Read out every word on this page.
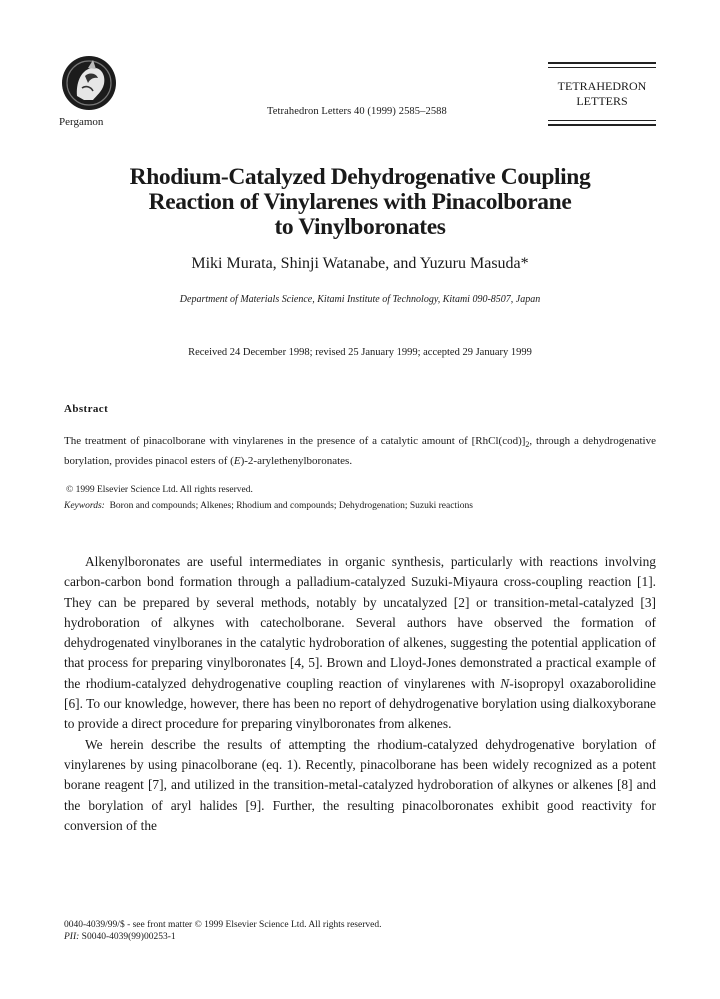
Pergamon
Tetrahedron Letters 40 (1999) 2585–2588
TETRAHEDRON
LETTERS
Rhodium-Catalyzed Dehydrogenative Coupling
Reaction of Vinylarenes with Pinacolborane
to Vinylboronates
Miki Murata, Shinji Watanabe, and Yuzuru Masuda*
Department of Materials Science, Kitami Institute of Technology, Kitami 090-8507, Japan
Received 24 December 1998; revised 25 January 1999; accepted 29 January 1999
Abstract
The treatment of pinacolborane with vinylarenes in the presence of a catalytic amount of $[RhCl(cod)]_2$, through a dehydrogenative borylation, provides pinacol esters of (E)-2-arylethenylboronates.
© 1999 Elsevier Science Ltd. All rights reserved.
Keywords: Boron and compounds; Alkenes; Rhodium and compounds; Dehydrogenation; Suzuki reactions

Alkenylboronates are useful intermediates in organic synthesis, particularly with reactions involving carbon-carbon bond formation through a palladium-catalyzed Suzuki-Miyaura cross-coupling reaction [1]. They can be prepared by several methods, notably by uncatalyzed [2] or transition-metal-catalyzed [3] hydroboration of alkynes with catecholborane. Several authors have observed the formation of dehydrogenated vinylboranes in the catalytic hydroboration of alkenes, suggesting the potential application of that process for preparing vinylboronates [4, 5]. Brown and Lloyd-Jones demonstrated a practical example of the rhodium-catalyzed dehydrogenative coupling reaction of vinylarenes with N-isopropyl oxazaborolidine [6]. To our knowledge, however, there has been no report of dehydrogenative borylation using dialkoxyborane to provide a direct procedure for preparing vinylboronates from alkenes.

We herein describe the results of attempting the rhodium-catalyzed dehydrogenative borylation of vinylarenes by using pinacolborane (eq. 1). Recently, pinacolborane has been widely recognized as a potent borane reagent [7], and utilized in the transition-metal-catalyzed hydroboration of alkynes or alkenes [8] and the borylation of aryl halides [9]. Further, the resulting pinacolboronates exhibit good reactivity for conversion of the

0040-4039/99/$ - see front matter © 1999 Elsevier Science Ltd. All rights reserved.
PII: S0040-4039(99)00253-1
